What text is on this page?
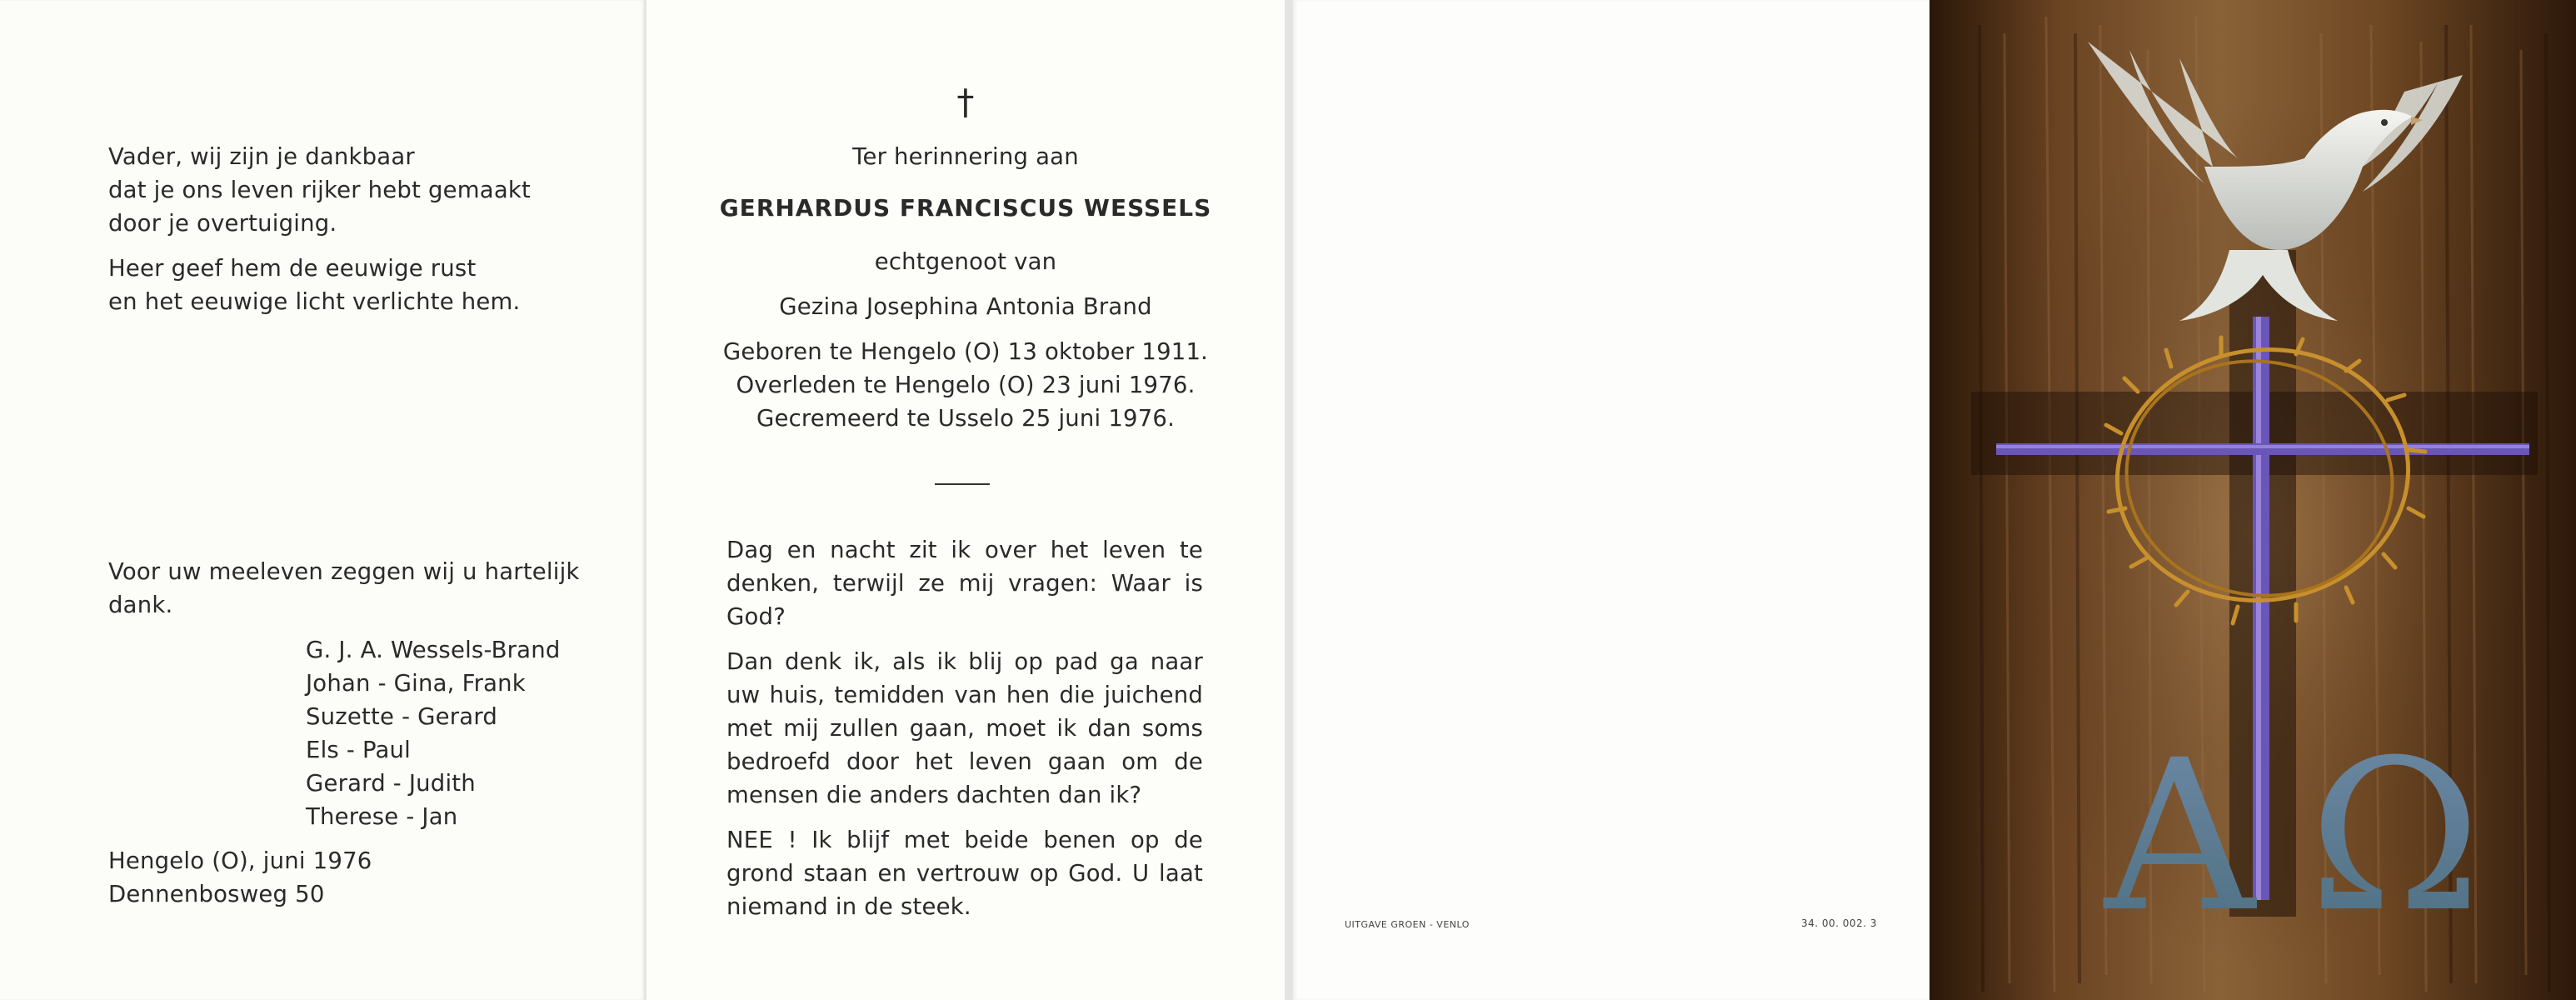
Vader, wij zijn je dankbaar
dat je ons leven rijker hebt gemaakt
door je overtuiging.
Heer geef hem de eeuwige rust
en het eeuwige licht verlichte hem.
Voor uw meeleven zeggen wij u hartelijk
dank.
G. J. A. Wessels-Brand
Johan - Gina, Frank
Suzette - Gerard
Els - Paul
Gerard - Judith
Therese - Jan
Hengelo (O), juni 1976
Dennenbosweg 50
†
Ter herinnering aan
GERHARDUS FRANCISCUS WESSELS
echtgenoot van
Gezina Josephina Antonia Brand
Geboren te Hengelo (O) 13 oktober 1911.
Overleden te Hengelo (O) 23 juni 1976.
Gecremeerd te Usselo 25 juni 1976.
Dag en nacht zit ik over het leven te
denken, terwijl ze mij vragen: Waar is
God?
Dan denk ik, als ik blij op pad ga naar
uw huis, temidden van hen die juichend
met mij zullen gaan, moet ik dan soms
bedroefd door het leven gaan om de
mensen die anders dachten dan ik?
NEE ! Ik blijf met beide benen op de
grond staan en vertrouw op God. U laat
niemand in de steek.
UITGAVE GROEN - VENLO	34. 00. 002. 3 A Ω
